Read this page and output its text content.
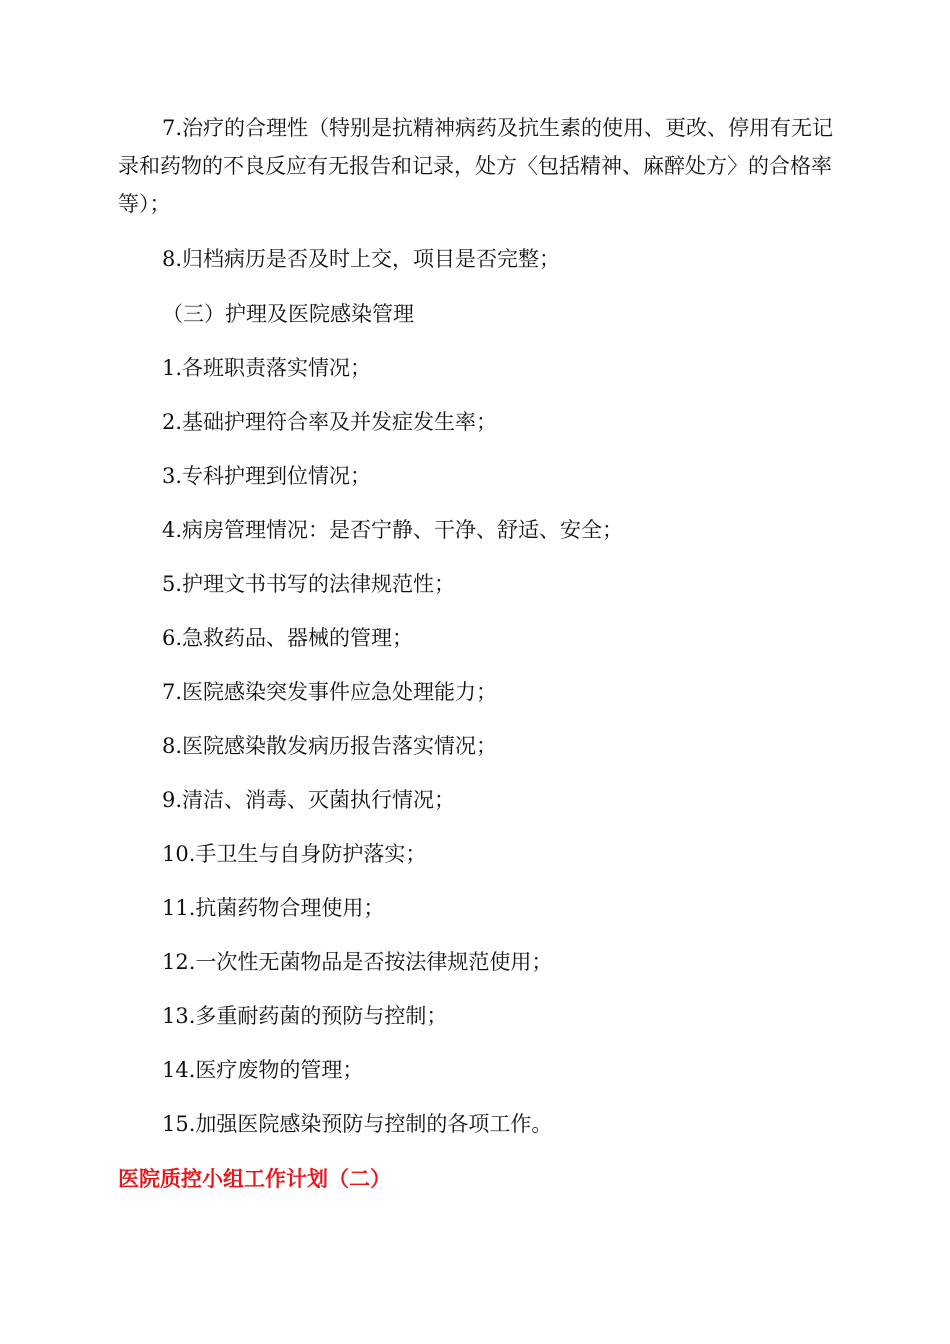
7.治疗的合理性（特别是抗精神病药及抗生素的使用、更改、停用有无记录和药物的不良反应有无报告和记录，处方〈包括精神、麻醉处方〉的合格率等）；

8.归档病历是否及时上交，项目是否完整；

（三）护理及医院感染管理

1.各班职责落实情况；

2.基础护理符合率及并发症发生率；

3.专科护理到位情况；

4.病房管理情况：是否宁静、干净、舒适、安全；

5.护理文书书写的法律规范性；

6.急救药品、器械的管理；

7.医院感染突发事件应急处理能力；

8.医院感染散发病历报告落实情况；

9.清洁、消毒、灭菌执行情况；

10.手卫生与自身防护落实；

11.抗菌药物合理使用；

12.一次性无菌物品是否按法律规范使用；

13.多重耐药菌的预防与控制；

14.医疗废物的管理；

15.加强医院感染预防与控制的各项工作。

医院质控小组工作计划（二）
